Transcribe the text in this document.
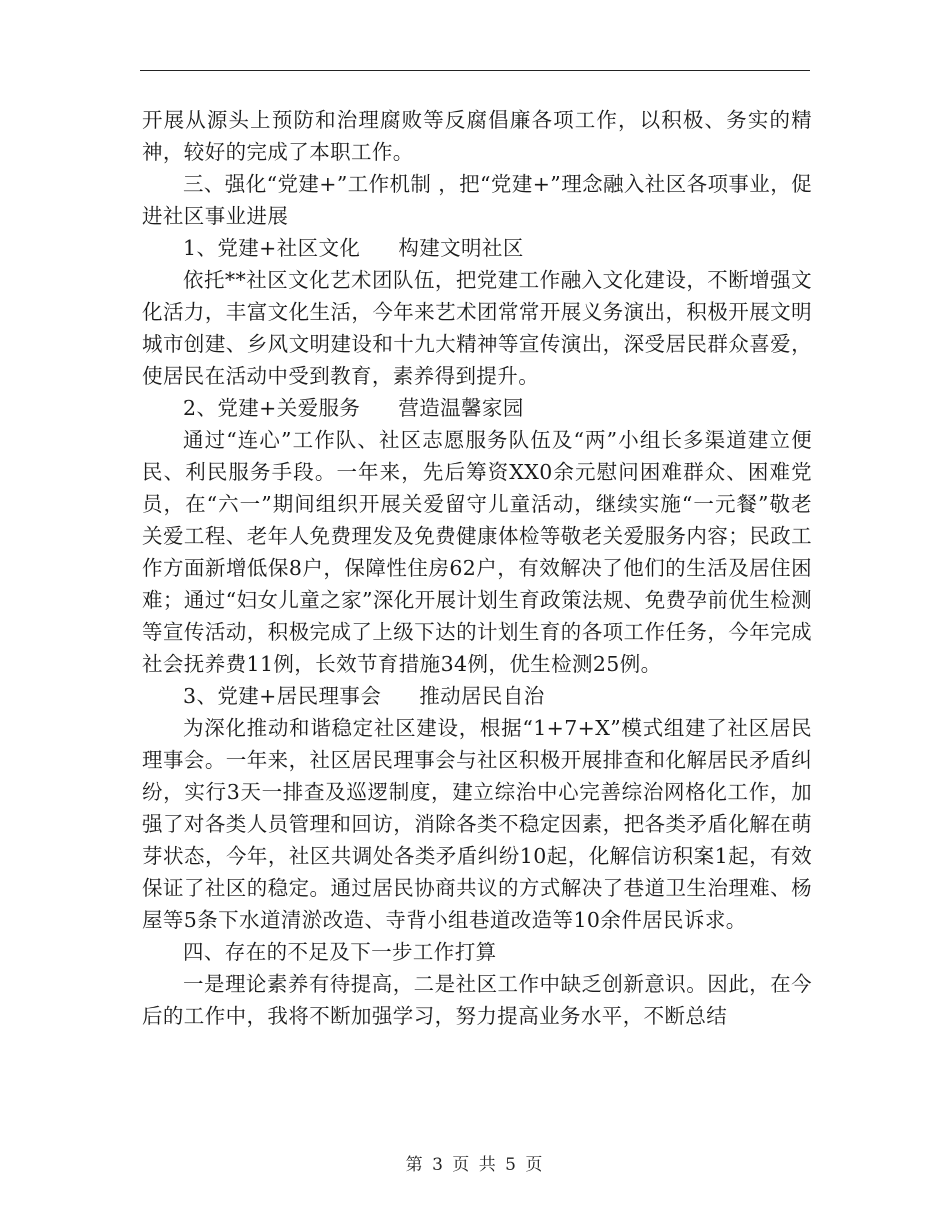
开展从源头上预防和治理腐败等反腐倡廉各项工作，以积极、务实的精神，较好的完成了本职工作。

三、强化“党建+”工作机制 ，把“党建+”理念融入社区各项事业，促进社区事业进展

1、党建+社区文化 构建文明社区

依托**社区文化艺术团队伍，把党建工作融入文化建设，不断增强文化活力，丰富文化生活，今年来艺术团常常开展义务演出，积极开展文明城市创建、乡风文明建设和十九大精神等宣传演出，深受居民群众喜爱，使居民在活动中受到教育，素养得到提升。

2、党建+关爱服务 营造温馨家园

通过“连心”工作队、社区志愿服务队伍及“两”小组长多渠道建立便民、利民服务手段。一年来，先后筹资XX0余元慰问困难群众、困难党员，在“六一”期间组织开展关爱留守儿童活动，继续实施“一元餐”敬老关爱工程、老年人免费理发及免费健康体检等敬老关爱服务内容；民政工作方面新增低保8户，保障性住房62户，有效解决了他们的生活及居住困难；通过“妇女儿童之家”深化开展计划生育政策法规、免费孕前优生检测等宣传活动，积极完成了上级下达的计划生育的各项工作任务，今年完成社会抚养费11例，长效节育措施34例，优生检测25例。

3、党建+居民理事会 推动居民自治

为深化推动和谐稳定社区建设，根据“1+7+X”模式组建了社区居民理事会。一年来，社区居民理事会与社区积极开展排查和化解居民矛盾纠纷，实行3天一排查及巡逻制度，建立综治中心完善综治网格化工作，加强了对各类人员管理和回访，消除各类不稳定因素，把各类矛盾化解在萌芽状态，今年，社区共调处各类矛盾纠纷10起，化解信访积案1起，有效保证了社区的稳定。通过居民协商共议的方式解决了巷道卫生治理难、杨屋等5条下水道清淤改造、寺背小组巷道改造等10余件居民诉求。

四、存在的不足及下一步工作打算

一是理论素养有待提高，二是社区工作中缺乏创新意识。因此，在今后的工作中，我将不断加强学习，努力提高业务水平，不断总结

第 3 页 共 5 页
